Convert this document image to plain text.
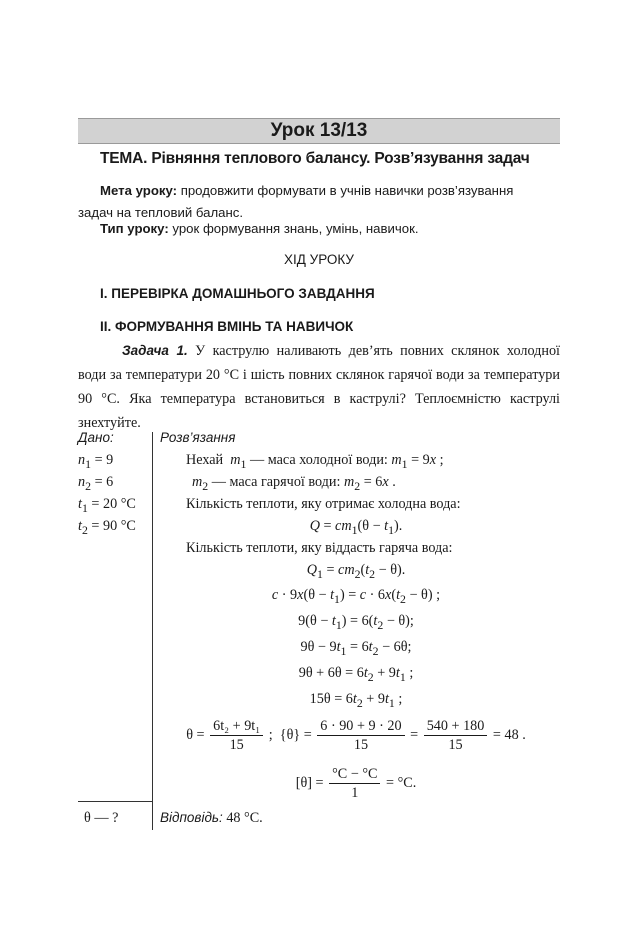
Урок 13/13
ТЕМА. Рівняння теплового балансу. Розв’язування задач
Мета уроку: продовжити формувати в учнів навички розв’язування
задач на тепловий баланс.
Тип уроку: урок формування знань, умінь, навичок.
ХІД УРОКУ
І. ПЕРЕВІРКА ДОМАШНЬОГО ЗАВДАННЯ
ІІ. ФОРМУВАННЯ ВМІНЬ ТА НАВИЧОК
Задача 1. У каструлю наливають дев’ять повних склянок холодної води за температури 20 °С і шість повних склянок гарячої води за температури 90 °С. Яка температура встановиться в каструлі? Теплоємністю каструлі знехтуйте.
Дано:
$n_1 = 9$
$n_2 = 6$
$t_1 = 20$ °C
$t_2 = 90$ °C
Розв’язання
Нехай $m_1$ — маса холодної води: $m_1 = 9x$ ;
$m_2$ — маса гарячої води: $m_2 = 6x$ .
Кількість теплоти, яку отримає холодна вода:
$Q = cm_1(\theta - t_1)$.
Кількість теплоти, яку віддасть гаряча вода:
$Q_1 = cm_2(t_2 - \theta)$.
$c \cdot 9x(\theta - t_1) = c \cdot 6x(t_2 - \theta)$ ;
$9(\theta - t_1) = 6(t_2 - \theta)$;
$9\theta - 9t_1 = 6t_2 - 6\theta$;
$9\theta + 6\theta = 6t_2 + 9t_1$ ;
$15\theta = 6t_2 + 9t_1$ ;
$\theta = \frac{\text{6t₂ + 9t₁}}{15}$ ;  $\{\theta\} = \frac{6 \cdot 90 + 9 \cdot 20}{15} = \frac{540 + 180}{15} = 48$ .
$[\theta] = \frac{^\circ C - ^\circ C}{1} = ^\circ C$.
θ — ?	Відповідь: 48 °C.
